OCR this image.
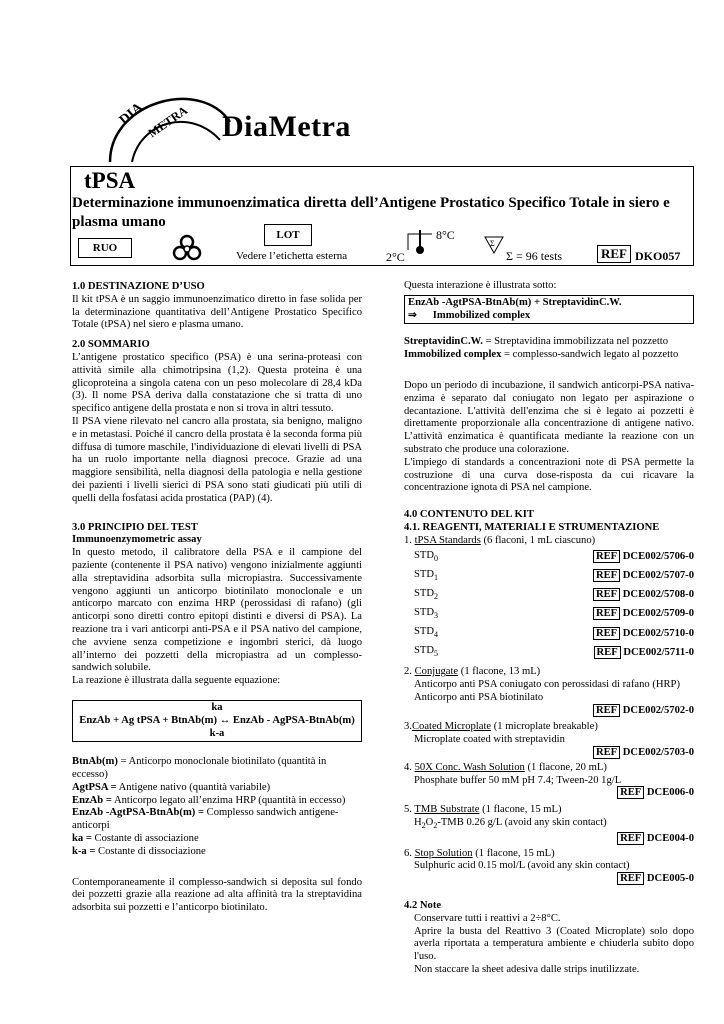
DIA METRA DiaMetra
tPSA
Determinazione immunoenzimatica diretta dell’Antigene Prostatico Specifico Totale in siero e plasma umano
RUO
LOT
Vedere l’etichetta esterna
8°C
2°C
Σ
Σ = 96 tests	REF DKO057

1.0 DESTINAZIONE D’USO

Il kit tPSA è un saggio immunoenzimatico diretto in fase solida per la determinazione quantitativa dell’Antigene Prostatico Specifico Totale (tPSA) nel siero e plasma umano.

2.0 SOMMARIO

L’antigene prostatico specifico (PSA) è una serina-proteasi con attività simile alla chimotripsina (1,2). Questa proteina è una glicoproteina a singola catena con un peso molecolare di 28,4 kDa (3). Il nome PSA deriva dalla constatazione che si tratta di uno specifico antigene della prostata e non si trova in altri tessuto.

Il PSA viene rilevato nel cancro alla prostata, sia benigno, maligno e in metastasi. Poiché il cancro della prostata è la seconda forma più diffusa di tumore maschile, l'individuazione di elevati livelli di PSA ha un ruolo importante nella diagnosi precoce. Grazie ad una maggiore sensibilità, nella diagnosi della patologia e nella gestione dei pazienti i livelli sierici di PSA sono stati giudicati più utili di quelli della fosfatasi acida prostatica (PAP) (4).

3.0 PRINCIPIO DEL TEST

Immunoenzymometric assay

In questo metodo, il calibratore della PSA e il campione del paziente (contenente il PSA nativo) vengono inizialmente aggiunti alla streptavidina adsorbita sulla micropiastra. Successivamente vengono aggiunti un anticorpo biotinilato monoclonale e un anticorpo marcato con enzima HRP (perossidasi di rafano) (gli anticorpi sono diretti contro epitopi distinti e diversi di PSA). La reazione tra i vari anticorpi anti-PSA e il PSA nativo del campione, che avviene senza competizione e ingombri sterici, dà luogo all’interno dei pozzetti della micropiastra ad un complesso-sandwich solubile.

La reazione è illustrata dalla seguente equazione:

ka
EnzAb + Ag tPSA + BtnAb(m) ↔ EnzAb - AgPSA-BtnAb(m)
k-a

BtnAb(m) = Anticorpo monoclonale biotinilato (quantità in eccesso)

AgtPSA = Antigene nativo (quantità variabile)

EnzAb = Anticorpo legato all’enzima HRP (quantità in eccesso)

EnzAb -AgtPSA-BtnAb(m) = Complesso sandwich antigene-anticorpi

ka = Costante di associazione

k-a = Costante di dissociazione

Contemporaneamente il complesso-sandwich si deposita sul fondo dei pozzetti grazie alla reazione ad alta affinità tra la streptavidina adsorbita sui pozzetti e l’anticorpo biotinilato.

Questa interazione è illustrata sotto:

EnzAb -AgtPSA-BtnAb(m) + StreptavidinC.W.
⇒ Immobilized complex

StreptavidinC.W. = Streptavidina immobilizzata nel pozzetto

Immobilized complex = complesso-sandwich legato al pozzetto

Dopo un periodo di incubazione, il sandwich anticorpi-PSA nativa-enzima è separato dal coniugato non legato per aspirazione o decantazione. L'attività dell'enzima che si è legato ai pozzetti è direttamente proporzionale alla concentrazione di antigene nativo. L’attività enzimatica è quantificata mediante la reazione con un substrato che produce una colorazione.

L'impiego di standards a concentrazioni note di PSA permette la costruzione di una curva dose-risposta da cui ricavare la concentrazione ignota di PSA nel campione.

4.0 CONTENUTO DEL KIT

4.1. REAGENTI, MATERIALI E STRUMENTAZIONE

1. tPSA Standards (6 flaconi, 1 mL ciascuno)

$STD_0$	REF DCE002/5706-0
$STD_1$	REF DCE002/5707-0
$STD_2$	REF DCE002/5708-0
$STD_3$	REF DCE002/5709-0
$STD_4$	REF DCE002/5710-0
$STD_5$	REF DCE002/5711-0

2. Conjugate (1 flacone, 13 mL)

Anticorpo anti PSA coniugato con perossidasi di rafano (HRP)

Anticorpo anti PSA biotinilato

REF DCE002/5702-0

3.Coated Microplate (1 microplate breakable)

Microplate coated with streptavidin

REF DCE002/5703-0

4. 50X Conc. Wash Solution (1 flacone, 20 mL)

Phosphate buffer 50 mM pH 7.4; Tween-20 1g/L

REF DCE006-0

5. TMB Substrate (1 flacone, 15 mL)

$H_2O_2$-TMB 0.26 g/L (avoid any skin contact)

REF DCE004-0

6. Stop Solution (1 flacone, 15 mL)

Sulphuric acid 0.15 mol/L (avoid any skin contact)

REF DCE005-0

4.2 Note

Conservare tutti i reattivi a 2÷8°C.

Aprire la busta del Reattivo 3 (Coated Microplate) solo dopo averla riportata a temperatura ambiente e chiuderla subito dopo l'uso.

Non staccare la sheet adesiva dalle strips inutilizzate.
